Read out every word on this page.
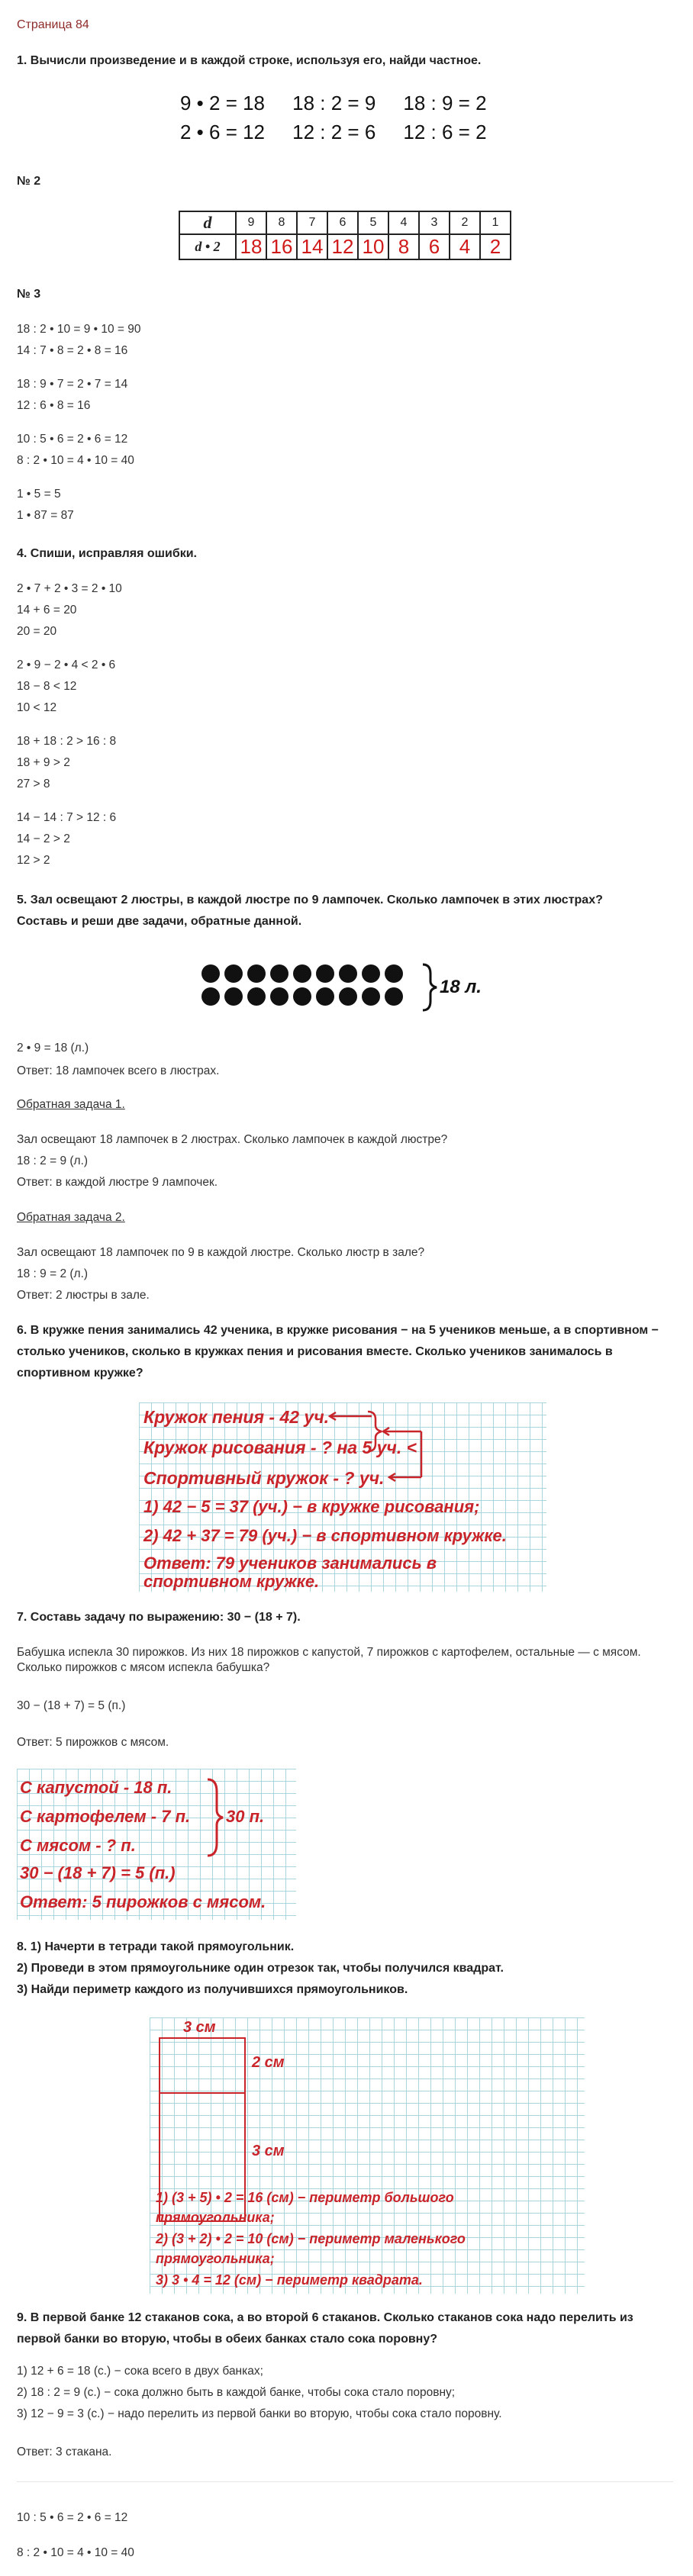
Страница 84
1. Вычисли произведение и в каждой строке, используя его, найди частное.
9 • 2 = 18     18 : 2 = 9     18 : 9 = 2
2 • 6 = 12     12 : 2 = 6     12 : 6 = 2
№ 2
d	9	8	7	6	5	4	3	2	1
d • 2	18	16	14	12	10	8	6	4	2
№ 3
18 : 2 • 10 = 9 • 10 = 90
14 : 7 • 8 = 2 • 8 = 16
18 : 9 • 7 = 2 • 7 = 14
12 : 6 • 8 = 16
10 : 5 • 6 = 2 • 6 = 12
8 : 2 • 10 = 4 • 10 = 40
1 • 5 = 5
1 • 87 = 87
4. Спиши, исправляя ошибки.
2 • 7 + 2 • 3 = 2 • 10
14 + 6 = 20
20 = 20
2 • 9 − 2 • 4 < 2 • 6
18 − 8 < 12
10 < 12
18 + 18 : 2 > 16 : 8
18 + 9 > 2
27 > 8
14 − 14 : 7 > 12 : 6
14 − 2 > 2
12 > 2
5. Зал освещают 2 люстры, в каждой люстре по 9 лампочек. Сколько лампочек в этих люстрах? Составь и реши две задачи, обратные данной.
18 л.
2 • 9 = 18 (л.)
Ответ: 18 лампочек всего в люстрах.
Обратная задача 1.
Зал освещают 18 лампочек в 2 люстрах. Сколько лампочек в каждой люстре?
18 : 2 = 9 (л.)
Ответ: в каждой люстре 9 лампочек.
Обратная задача 2.
Зал освещают 18 лампочек по 9 в каждой люстре. Сколько люстр в зале?
18 : 9 = 2 (л.)
Ответ: 2 люстры в зале.
6. В кружке пения занимались 42 ученика, в кружке рисования − на 5 учеников меньше, а в спортивном − столько учеников, сколько в кружках пения и рисования вместе. Сколько учеников занималось в спортивном кружке?
Кружок пения - 42 уч.
Кружок рисования - ? на 5 уч. <
Спортивный кружок - ? уч.
1) 42 − 5 = 37 (уч.) − в кружке рисования;
2) 42 + 37 = 79 (уч.) − в спортивном кружке.
Ответ: 79 учеников занимались в
спортивном кружке.
7. Составь задачу по выражению: 30 − (18 + 7).
Бабушка испекла 30 пирожков. Из них 18 пирожков с капустой, 7 пирожков с картофелем, остальные — с мясом. Сколько пирожков с мясом испекла бабушка?
30 − (18 + 7) = 5 (п.)
Ответ: 5 пирожков с мясом.
С капустой - 18 п.
С картофелем - 7 п. 30 п.
С мясом - ? п.
30 − (18 + 7) = 5 (п.)
Ответ: 5 пирожков с мясом.
8. 1) Начерти в тетради такой прямоугольник.
2) Проведи в этом прямоугольнике один отрезок так, чтобы получился квадрат.
3) Найди периметр каждого из получившихся прямоугольников.
3 см
2 см
3 см
1) (3 + 5) • 2 = 16 (см) − периметр большого
прямоугольника;
2) (3 + 2) • 2 = 10 (см) − периметр маленького
прямоугольника;
3) 3 • 4 = 12 (см) − периметр квадрата.
9. В первой банке 12 стаканов сока, а во второй 6 стаканов. Сколько стаканов сока надо перелить из первой банки во вторую, чтобы в обеих банках стало сока поровну?
1) 12 + 6 = 18 (с.) − сока всего в двух банках;
2) 18 : 2 = 9 (с.) − сока должно быть в каждой банке, чтобы сока стало поровну;
3) 12 − 9 = 3 (с.) − надо перелить из первой банки во вторую, чтобы сока стало поровну.
Ответ: 3 стакана.
10 : 5 • 6 = 2 • 6 = 12
8 : 2 • 10 = 4 • 10 = 40
